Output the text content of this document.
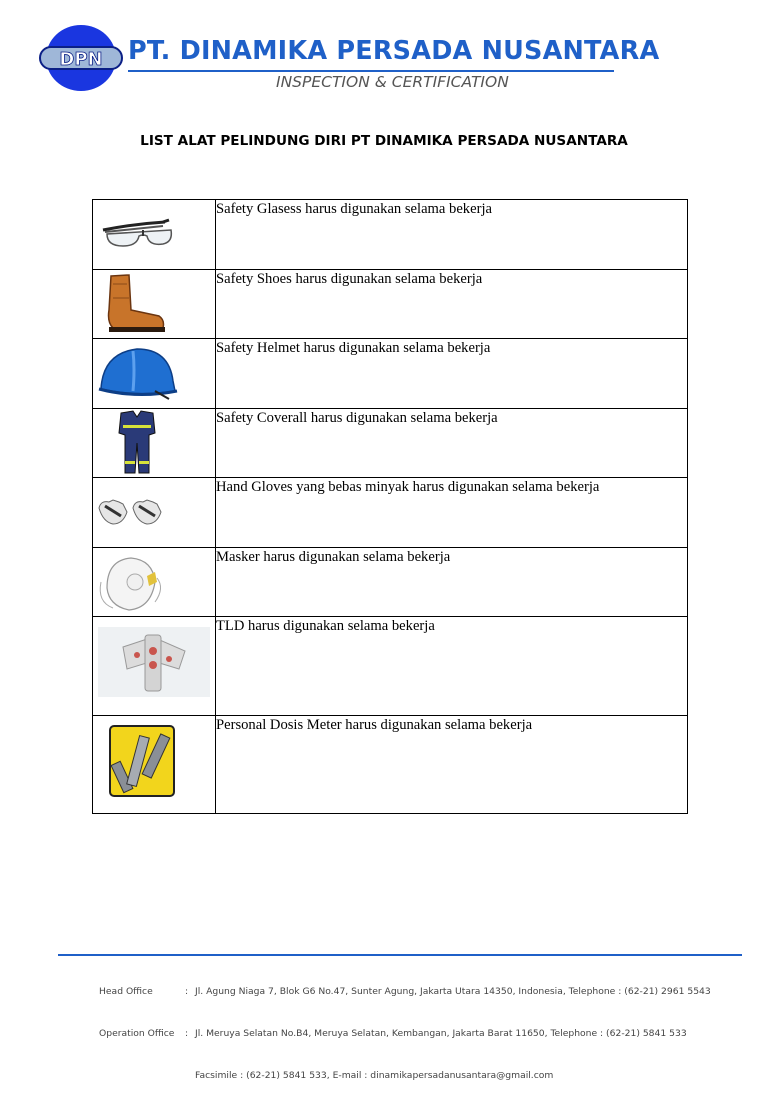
DPN PT. DINAMIKA PERSADA NUSANTARA
INSPECTION & CERTIFICATION
LIST ALAT PELINDUNG DIRI PT DINAMIKA PERSADA NUSANTARA

Safety Glasess harus digunakan selama bekerja

Safety Shoes harus digunakan selama bekerja

Safety Helmet harus digunakan selama bekerja

Safety Coverall harus digunakan selama bekerja

Hand Gloves yang bebas minyak harus digunakan selama bekerja

Masker harus digunakan selama bekerja

TLD harus digunakan selama bekerja

Personal Dosis Meter harus digunakan selama bekerja

Head Office	: Jl. Agung Niaga 7, Blok G6 No.47, Sunter Agung, Jakarta Utara 14350, Indonesia, Telephone : (62-21) 2961 5543

Operation Office : Jl. Meruya Selatan No.B4, Meruya Selatan, Kembangan, Jakarta Barat 11650, Telephone : (62-21) 5841 533

Facsimile : (62-21) 5841 533, E-mail : dinamikapersadanusantara@gmail.com
